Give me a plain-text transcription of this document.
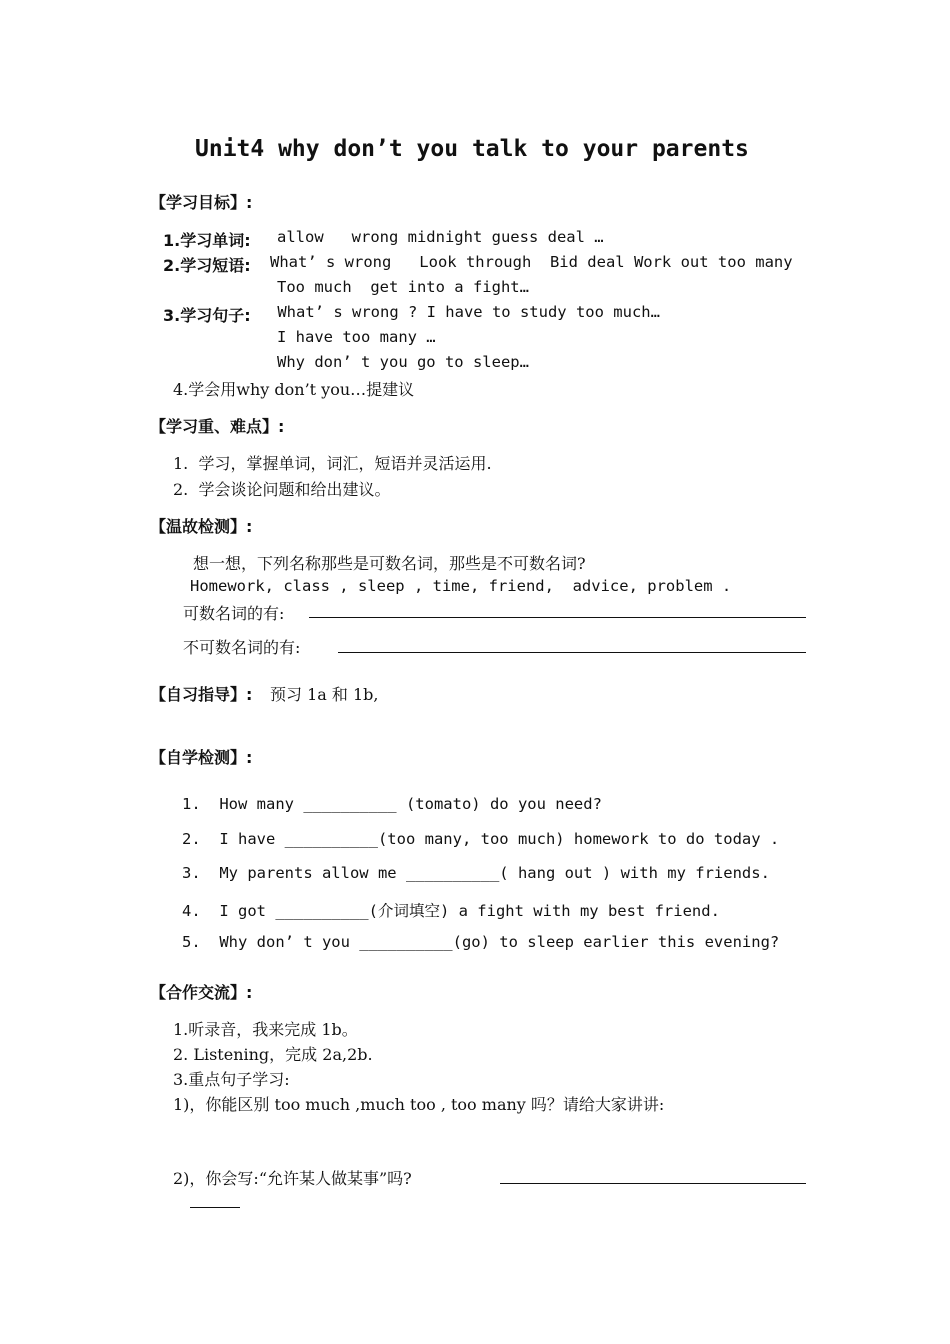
Unit4 why don’t you talk to your parents
【学习目标】:
1.学习单词: allow   wrong midnight guess deal …
2.学习短语: What’ s wrong   Look through  Bid deal Work out too many
Too much  get into a fight…
3.学习句子: What’ s wrong ? I have to study too much…
I have too many …
Why don’ t you go to sleep…
4.学会用why don’t you…提建议
【学习重、难点】:
1.  学习，掌握单词，词汇，短语并灵活运用.
2.  学会谈论问题和给出建议。
【温故检测】:
想一想，下列名称那些是可数名词，那些是不可数名词?
Homework, class , sleep , time, friend,  advice, problem .
可数名词的有:
不可数名词的有:
【自习指导】: 预习 1a 和 1b,
【自学检测】:
1.  How many __________ (tomato) do you need?
2.  I have __________(too many, too much) homework to do today .
3.  My parents allow me __________( hang out ) with my friends.
4.  I got __________(介词填空) a fight with my best friend.
5.  Why don’ t you __________(go) to sleep earlier this evening?
【合作交流】:
1.听录音，我来完成 1b。
2. Listening，完成 2a,2b.
3.重点句子学习:
1)，你能区别 too much ,much too , too many 吗？请给大家讲讲:
2)，你会写:“允许某人做某事”吗?
